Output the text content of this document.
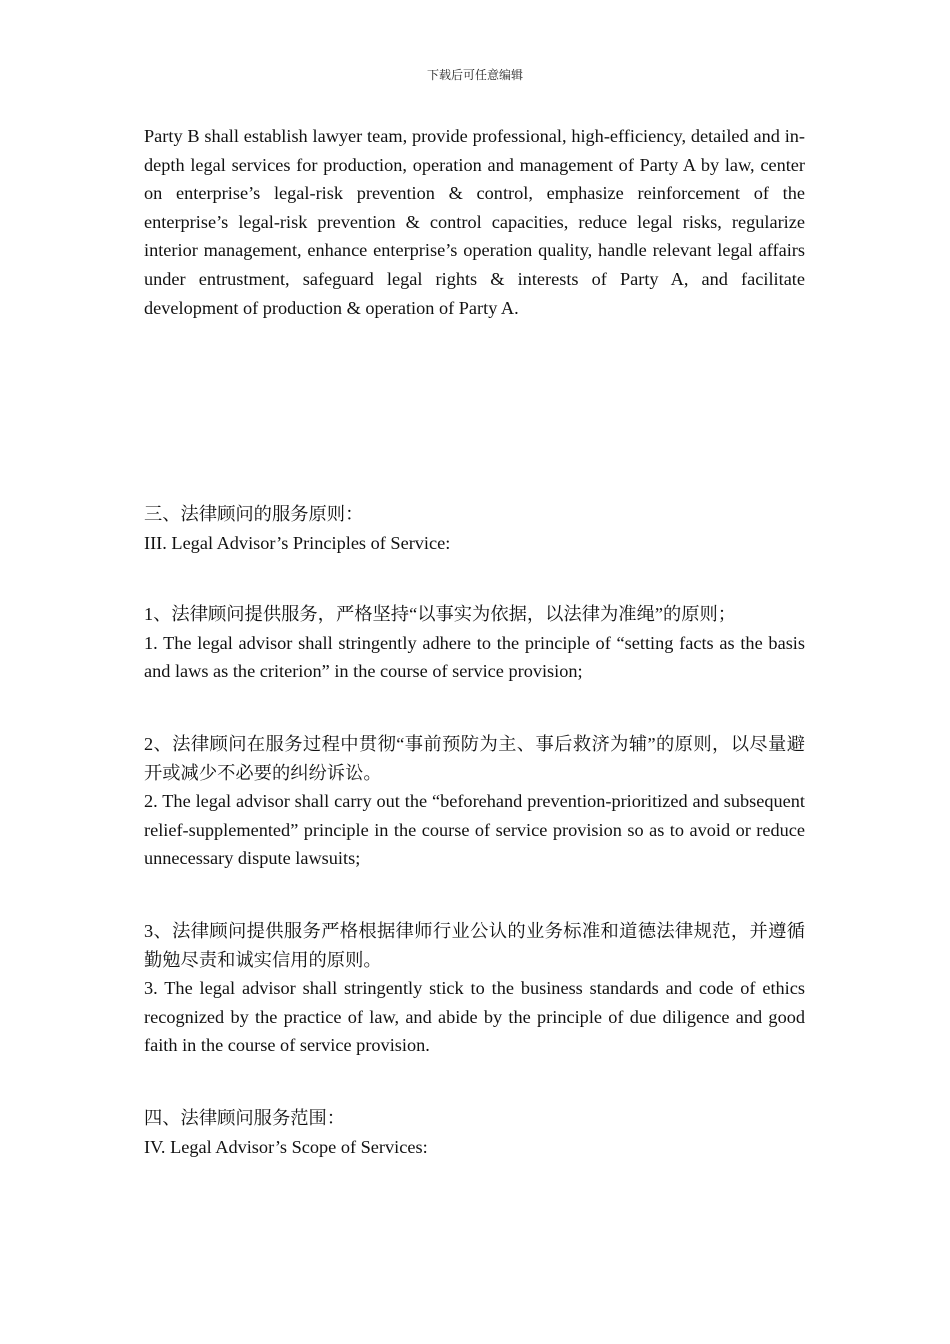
下载后可任意编辑

Party B shall establish lawyer team, provide professional, high-efficiency, detailed and in-depth legal services for production, operation and management of Party A by law, center on enterprise’s legal-risk prevention & control, emphasize reinforcement of the enterprise’s legal-risk prevention & control capacities, reduce legal risks, regularize interior management, enhance enterprise’s operation quality, handle relevant legal affairs under entrustment, safeguard legal rights & interests of Party A, and facilitate development of production & operation of Party A.

三、法律顾问的服务原则：
III. Legal Advisor’s Principles of Service:
1、法律顾问提供服务，严格坚持“以事实为依据，以法律为准绳”的原则；
1. The legal advisor shall stringently adhere to the principle of “setting facts as the basis and laws as the criterion” in the course of service provision;
2、法律顾问在服务过程中贯彻“事前预防为主、事后救济为辅”的原则，以尽量避开或减少不必要的纠纷诉讼。
2. The legal advisor shall carry out the “beforehand prevention-prioritized and subsequent relief-supplemented” principle in the course of service provision so as to avoid or reduce unnecessary dispute lawsuits;
3、法律顾问提供服务严格根据律师行业公认的业务标准和道德法律规范，并遵循勤勉尽责和诚实信用的原则。
3. The legal advisor shall stringently stick to the business standards and code of ethics recognized by the practice of law, and abide by the principle of due diligence and good faith in the course of service provision.
四、法律顾问服务范围：
IV. Legal Advisor’s Scope of Services:
